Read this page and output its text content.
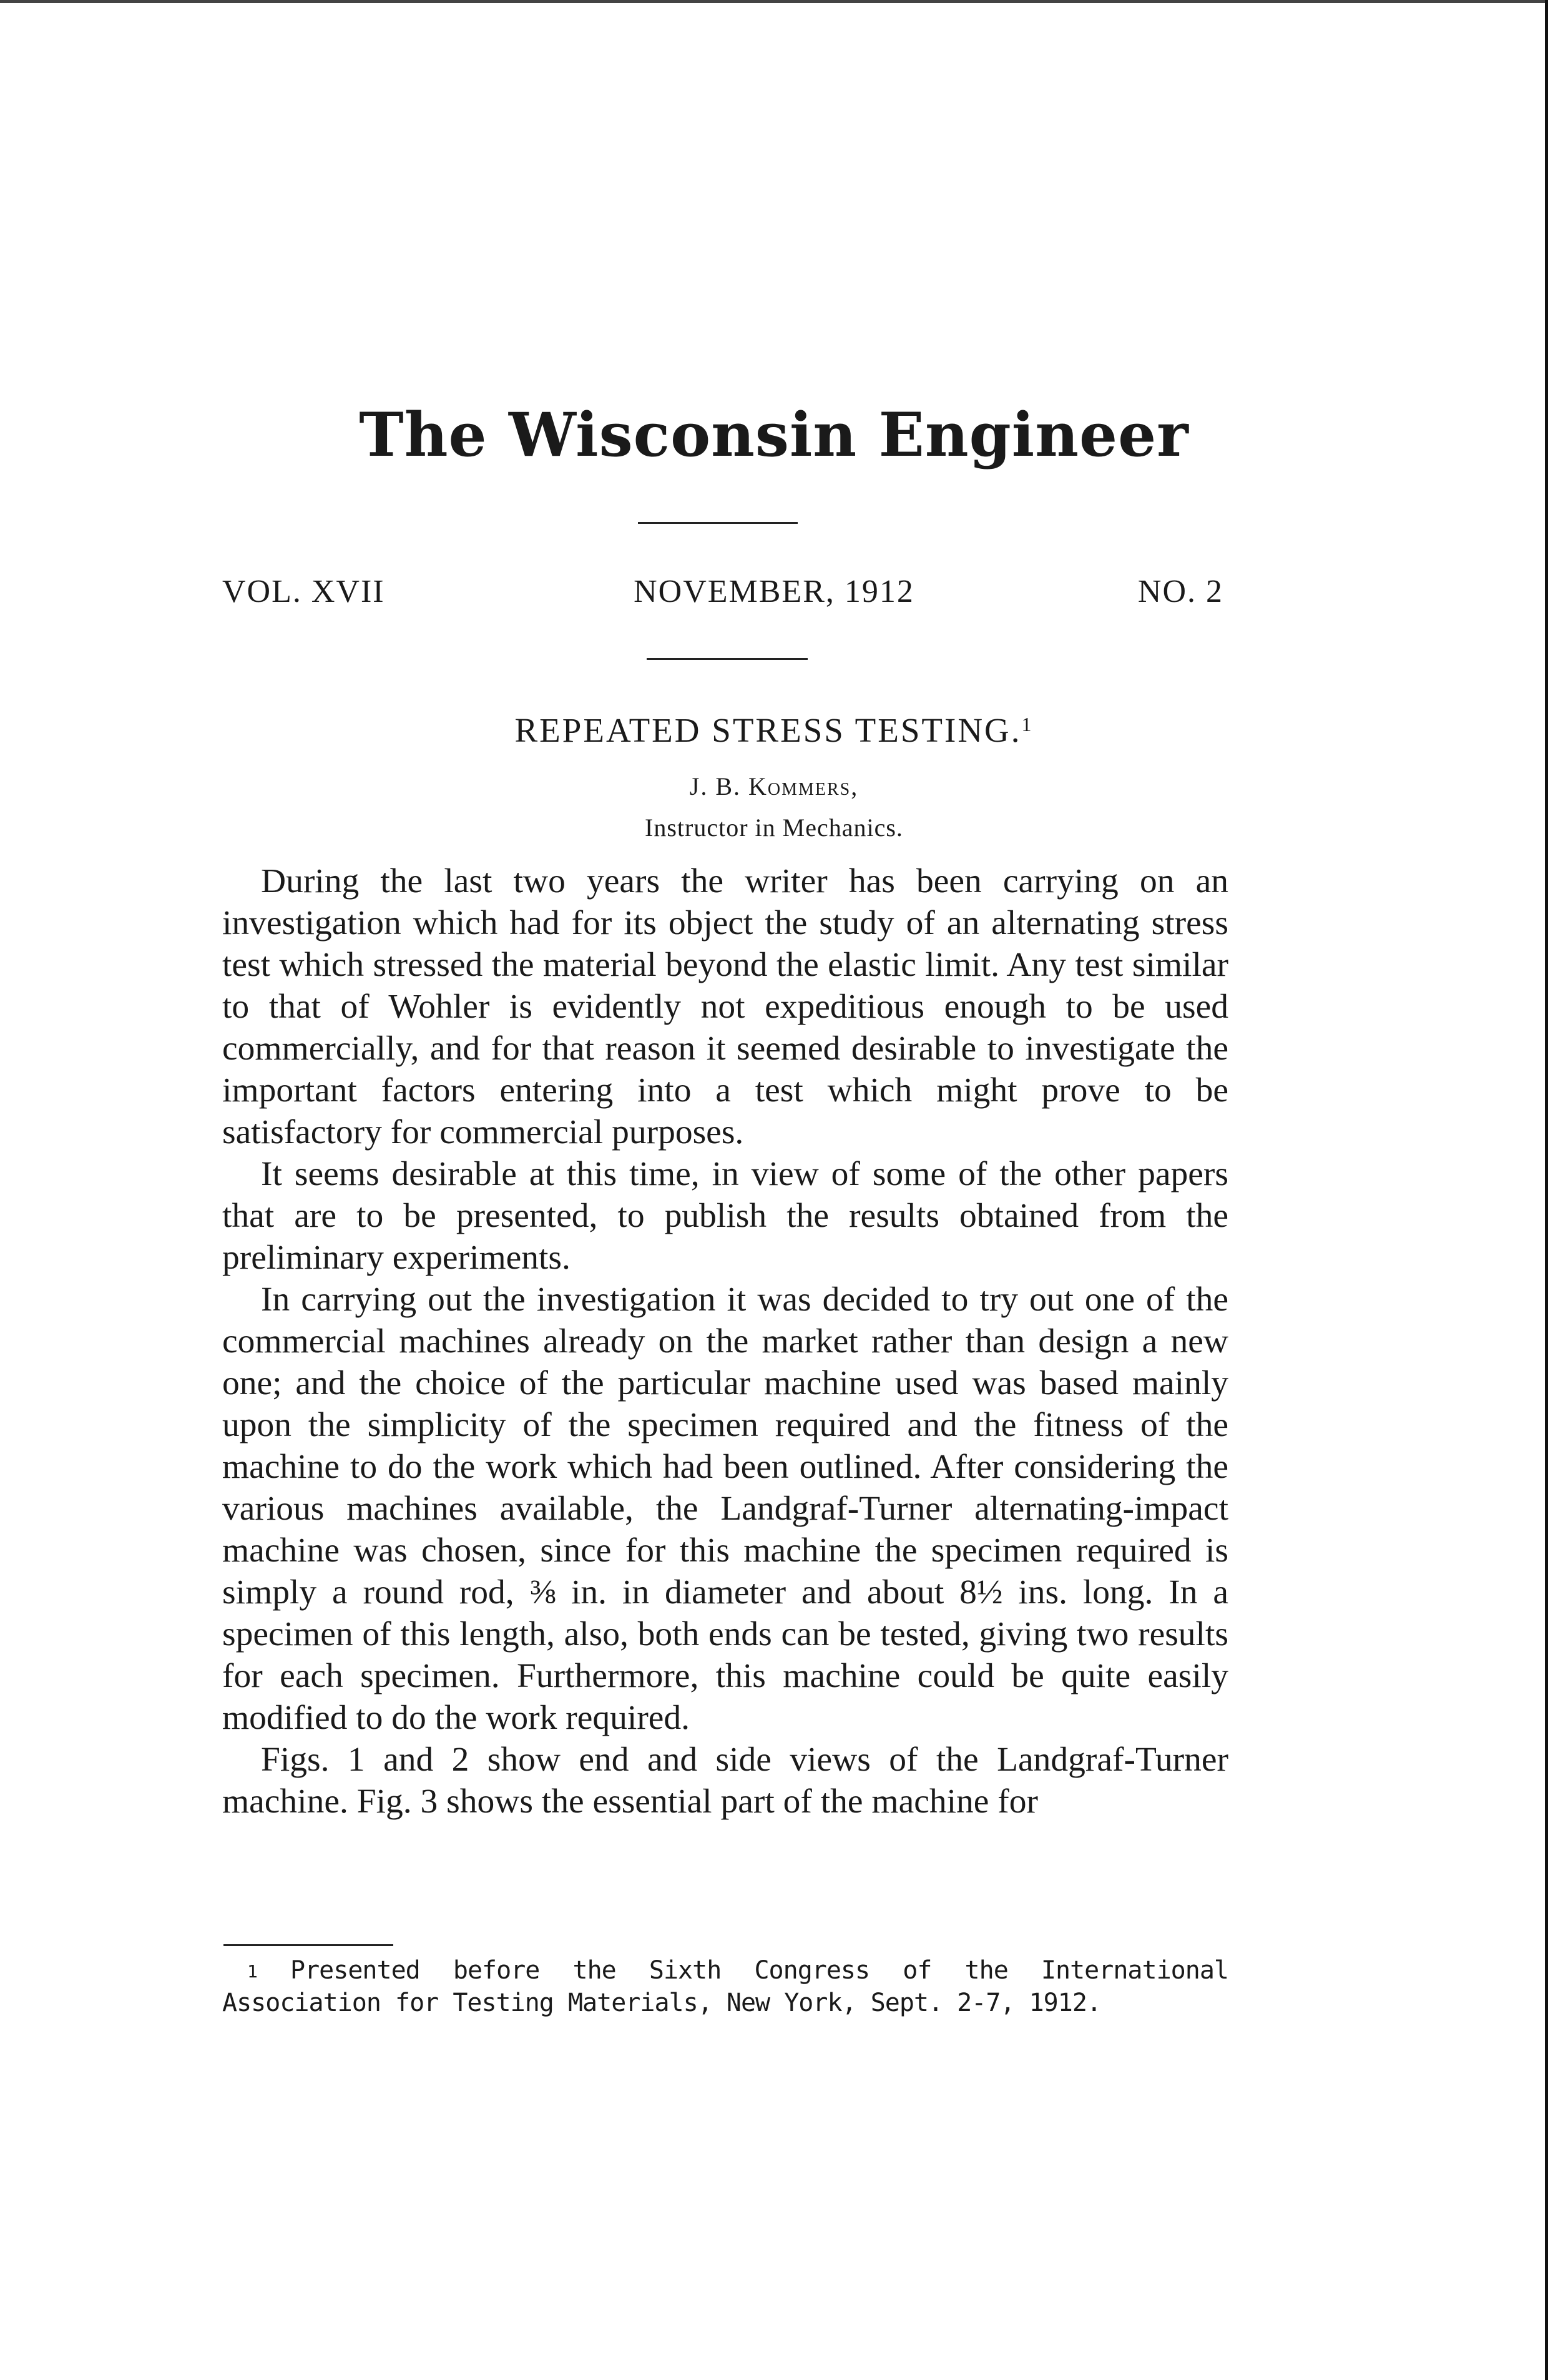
The Wisconsin Engineer
VOL. XVII	NOVEMBER, 1912	NO. 2
REPEATED STRESS TESTING.$^1$
J. B. Kommers,
Instructor in Mechanics.

During the last two years the writer has been carrying on an investigation which had for its object the study of an alternating stress test which stressed the material beyond the elastic limit. Any test similar to that of Wohler is evidently not expeditious enough to be used commercially, and for that reason it seemed desirable to investigate the important factors entering into a test which might prove to be satisfactory for commercial purposes.

It seems desirable at this time, in view of some of the other papers that are to be presented, to publish the results obtained from the preliminary experiments.

In carrying out the investigation it was decided to try out one of the commercial machines already on the market rather than design a new one; and the choice of the particular machine used was based mainly upon the simplicity of the specimen required and the fitness of the machine to do the work which had been outlined. After considering the various machines available, the Landgraf-Turner alternating-impact machine was chosen, since for this machine the specimen required is simply a round rod, ⅜ in. in diameter and about 8½ ins. long. In a specimen of this length, also, both ends can be tested, giving two results for each specimen. Furthermore, this machine could be quite easily modified to do the work required.

Figs. 1 and 2 show end and side views of the Landgraf-Turner machine. Fig. 3 shows the essential part of the machine for

$^1$ Presented before the Sixth Congress of the International Association for Testing Materials, New York, Sept. 2-7, 1912.
